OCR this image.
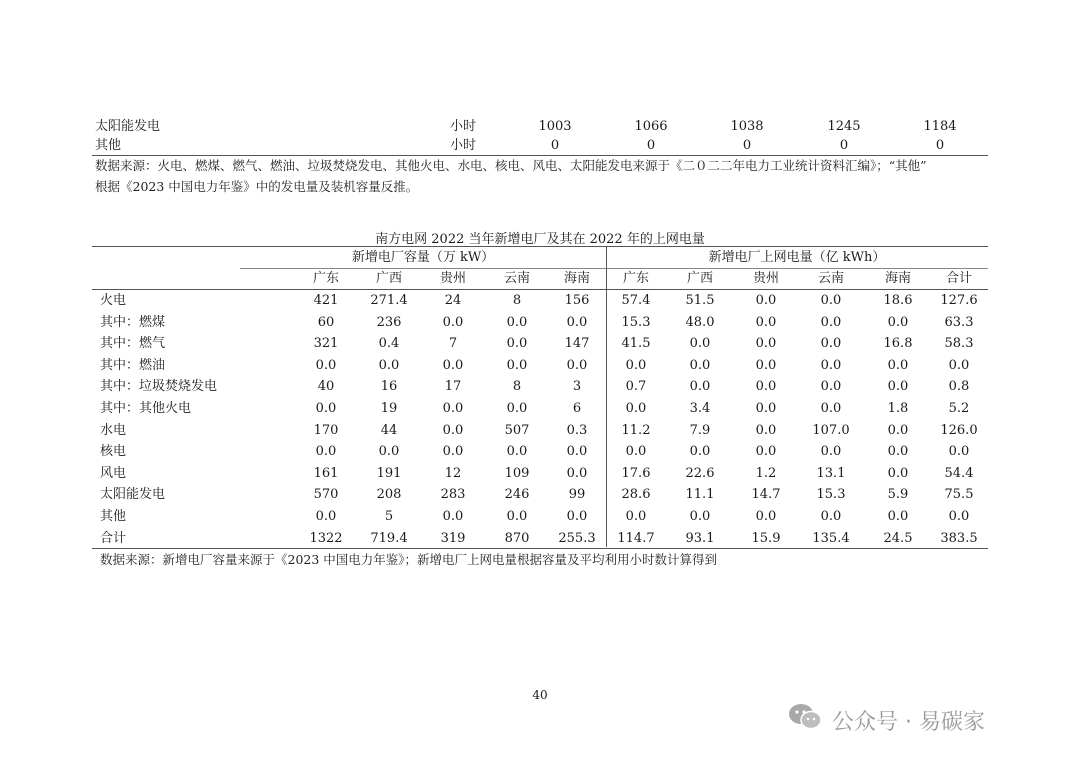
太阳能发电	小时	1003	1066	1038	1245	1184
其他	小时	0	0	0	0	0
数据来源：火电、燃煤、燃气、燃油、垃圾焚烧发电、其他火电、水电、核电、风电、太阳能发电来源于《二０二二年电力工业统计资料汇编》；“其他”
根据《2023 中国电力年鉴》中的发电量及装机容量反推。
南方电网 2022 当年新增电厂及其在 2022 年的上网电量
新增电厂容量（万 kW）	新增电厂上网电量（亿 kWh）
广东	广西	贵州	云南	海南	广东	广西	贵州	云南	海南	合计
火电	421	271.4	24	8	156	57.4	51.5	0.0	0.0	18.6	127.6
其中：燃煤	60	236	0.0	0.0	0.0	15.3	48.0	0.0	0.0	0.0	63.3
其中：燃气	321	0.4	7	0.0	147	41.5	0.0	0.0	0.0	16.8	58.3
其中：燃油	0.0	0.0	0.0	0.0	0.0	0.0	0.0	0.0	0.0	0.0	0.0
其中：垃圾焚烧发电	40	16	17	8	3	0.7	0.0	0.0	0.0	0.0	0.8
其中：其他火电	0.0	19	0.0	0.0	6	0.0	3.4	0.0	0.0	1.8	5.2
水电	170	44	0.0	507	0.3	11.2	7.9	0.0	107.0	0.0	126.0
核电	0.0	0.0	0.0	0.0	0.0	0.0	0.0	0.0	0.0	0.0	0.0
风电	161	191	12	109	0.0	17.6	22.6	1.2	13.1	0.0	54.4
太阳能发电	570	208	283	246	99	28.6	11.1	14.7	15.3	5.9	75.5
其他	0.0	5	0.0	0.0	0.0	0.0	0.0	0.0	0.0	0.0	0.0
合计	1322	719.4	319	870	255.3	114.7	93.1	15.9	135.4	24.5	383.5
数据来源：新增电厂容量来源于《2023 中国电力年鉴》；新增电厂上网电量根据容量及平均利用小时数计算得到
40
公众号 · 易碳家
